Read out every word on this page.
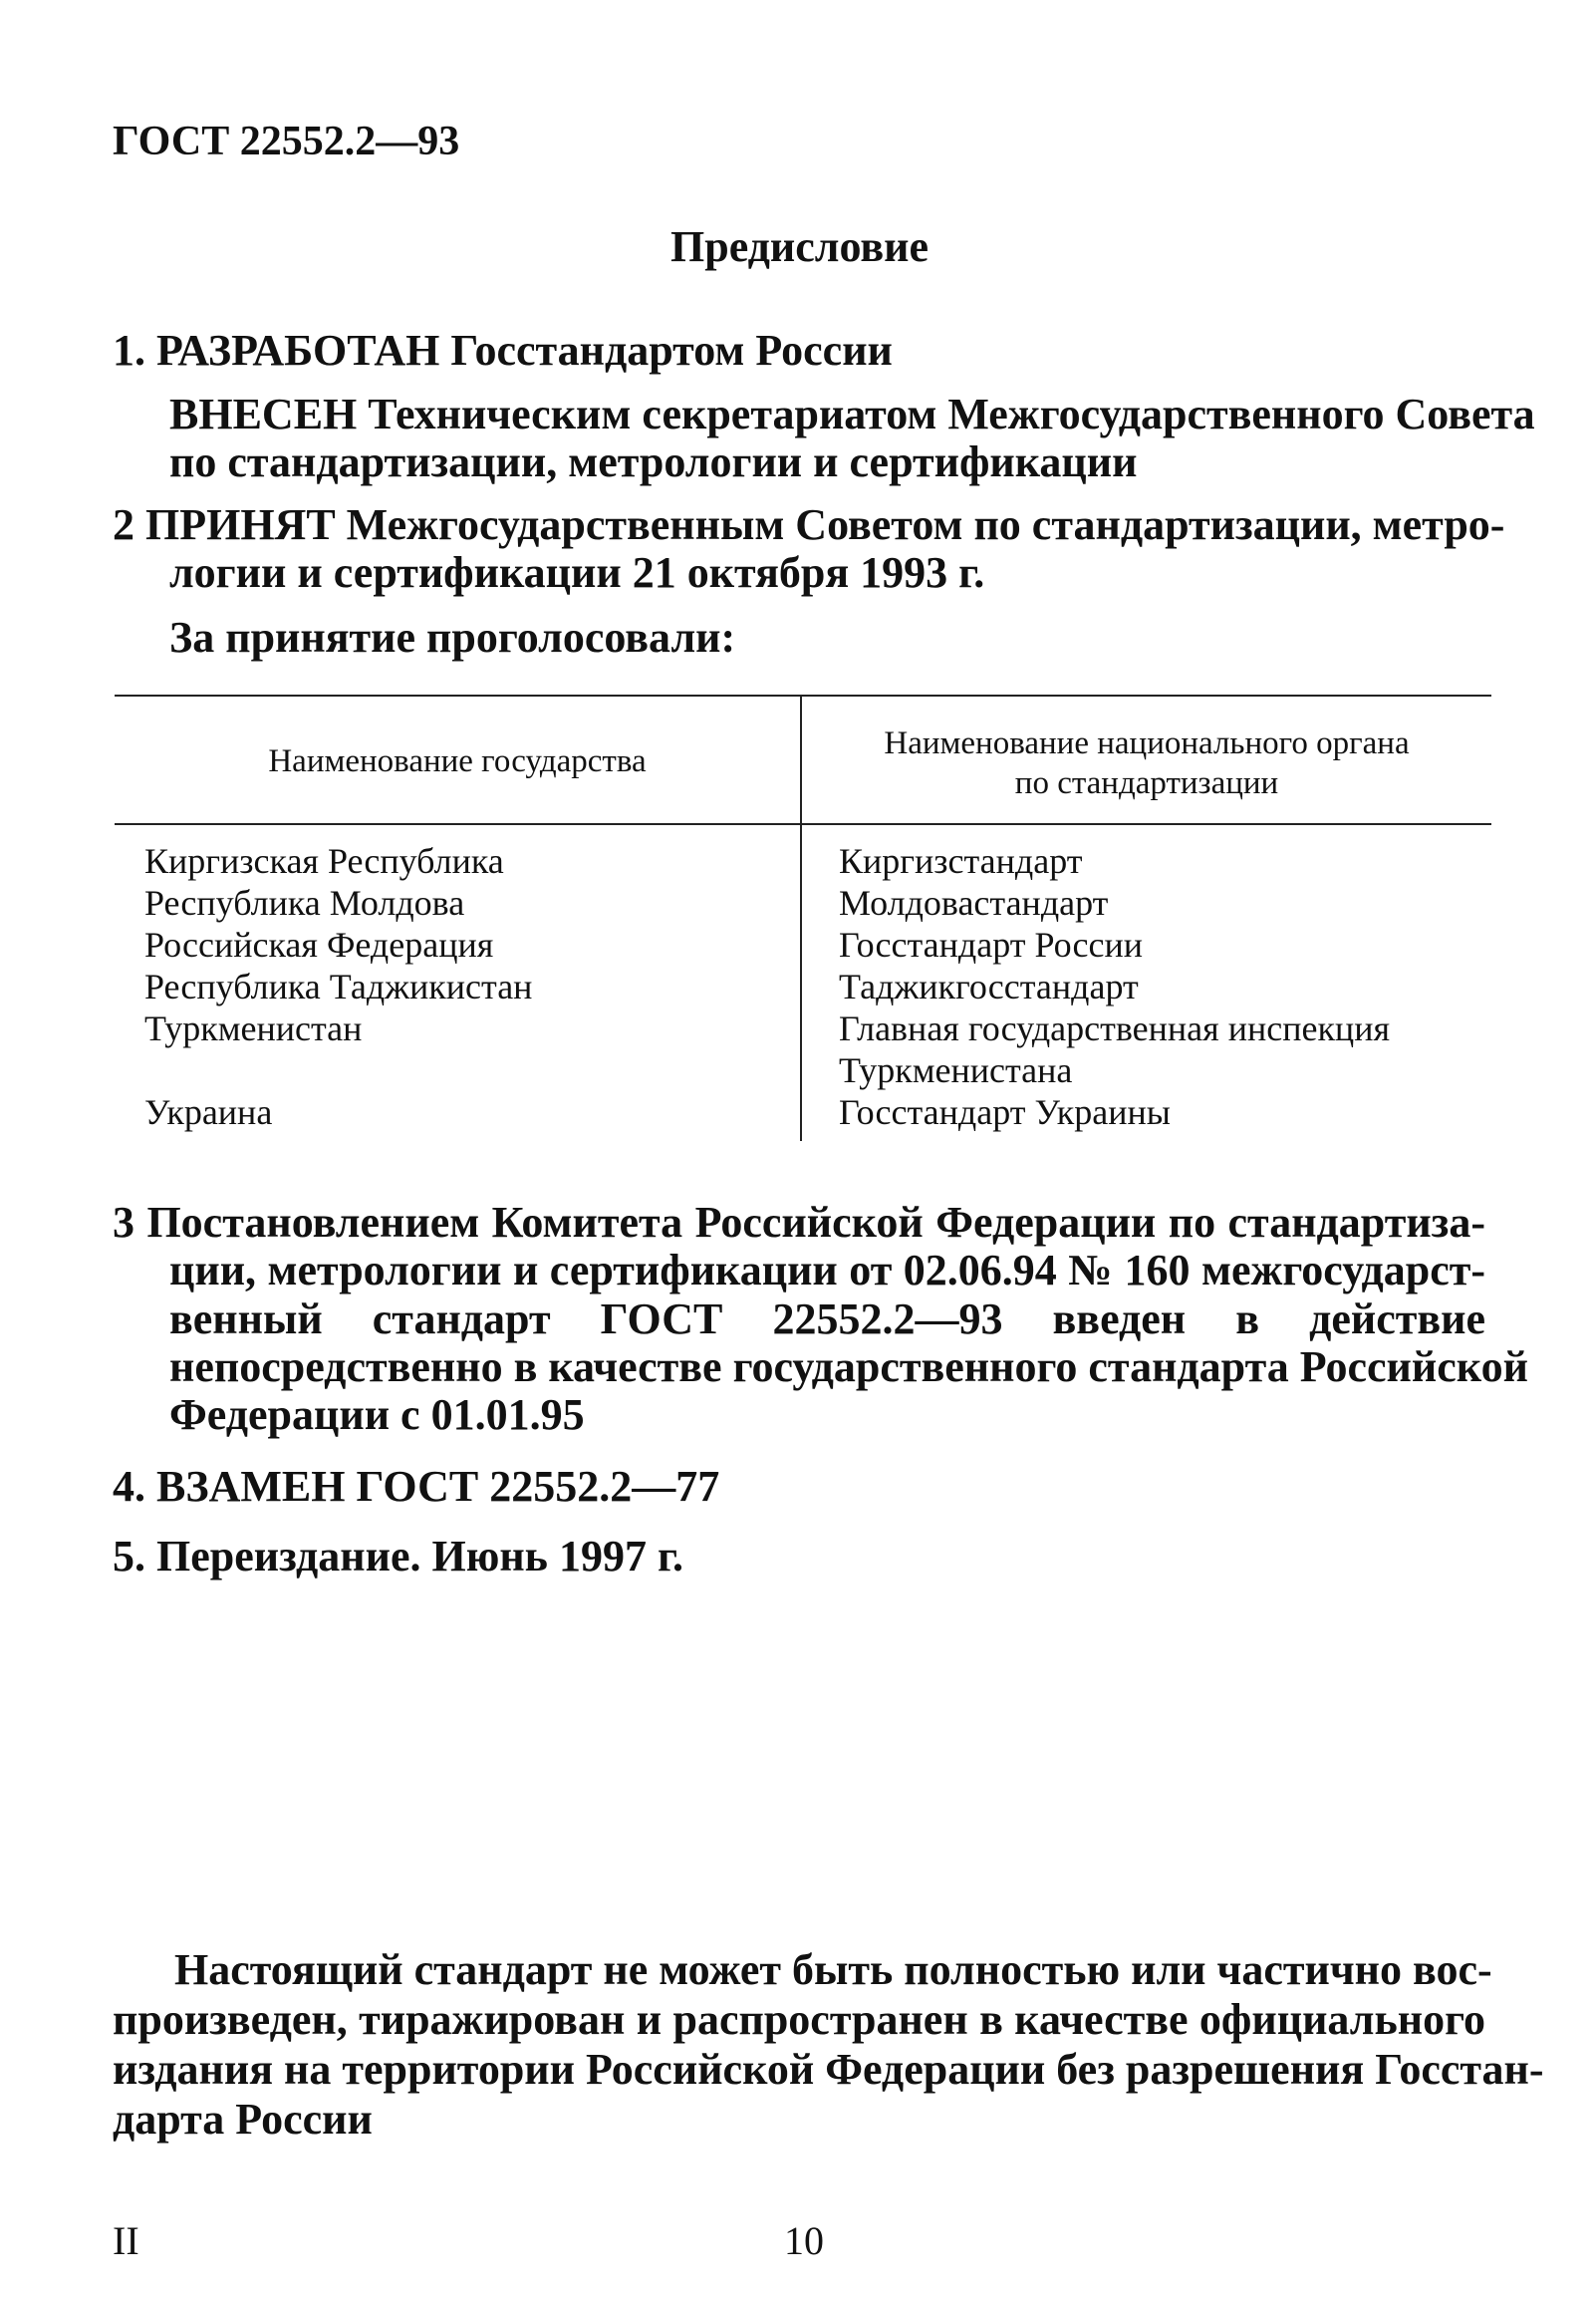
ГОСТ 22552.2—93
Предисловие
1. РАЗРАБОТАН Госстандартом России
ВНЕСЕН Техническим секретариатом Межгосударственного Совета
по стандартизации, метрологии и сертификации
2 ПРИНЯТ Межгосударственным Советом по стандартизации, метро-
логии и сертификации 21 октября 1993 г.
За принятие проголосовали:
Наименование государства	Наименование национального органа
по стандартизации
Киргизская Республика
Республика Молдова
Российская Федерация
Республика Таджикистан
Туркменистан
Украина
Киргизстандарт
Молдовастандарт
Госстандарт России
Таджикгосстандарт
Главная государственная инспекция
Туркменистана
Госстандарт Украины
3 Постановлением Комитета Российской Федерации по стандартиза-
ции, метрологии и сертификации от 02.06.94 № 160 межгосударст-
венный стандарт ГОСТ 22552.2—93 введен в действие
непосредственно в качестве государственного стандарта Российской
Федерации с 01.01.95
4. ВЗАМЕН ГОСТ 22552.2—77
5. Переиздание. Июнь 1997 г.
Настоящий стандарт не может быть полностью или частично вос-
произведен, тиражирован и распространен в качестве официального
издания на территории Российской Федерации без разрешения Госстан-
дарта России
II	10
